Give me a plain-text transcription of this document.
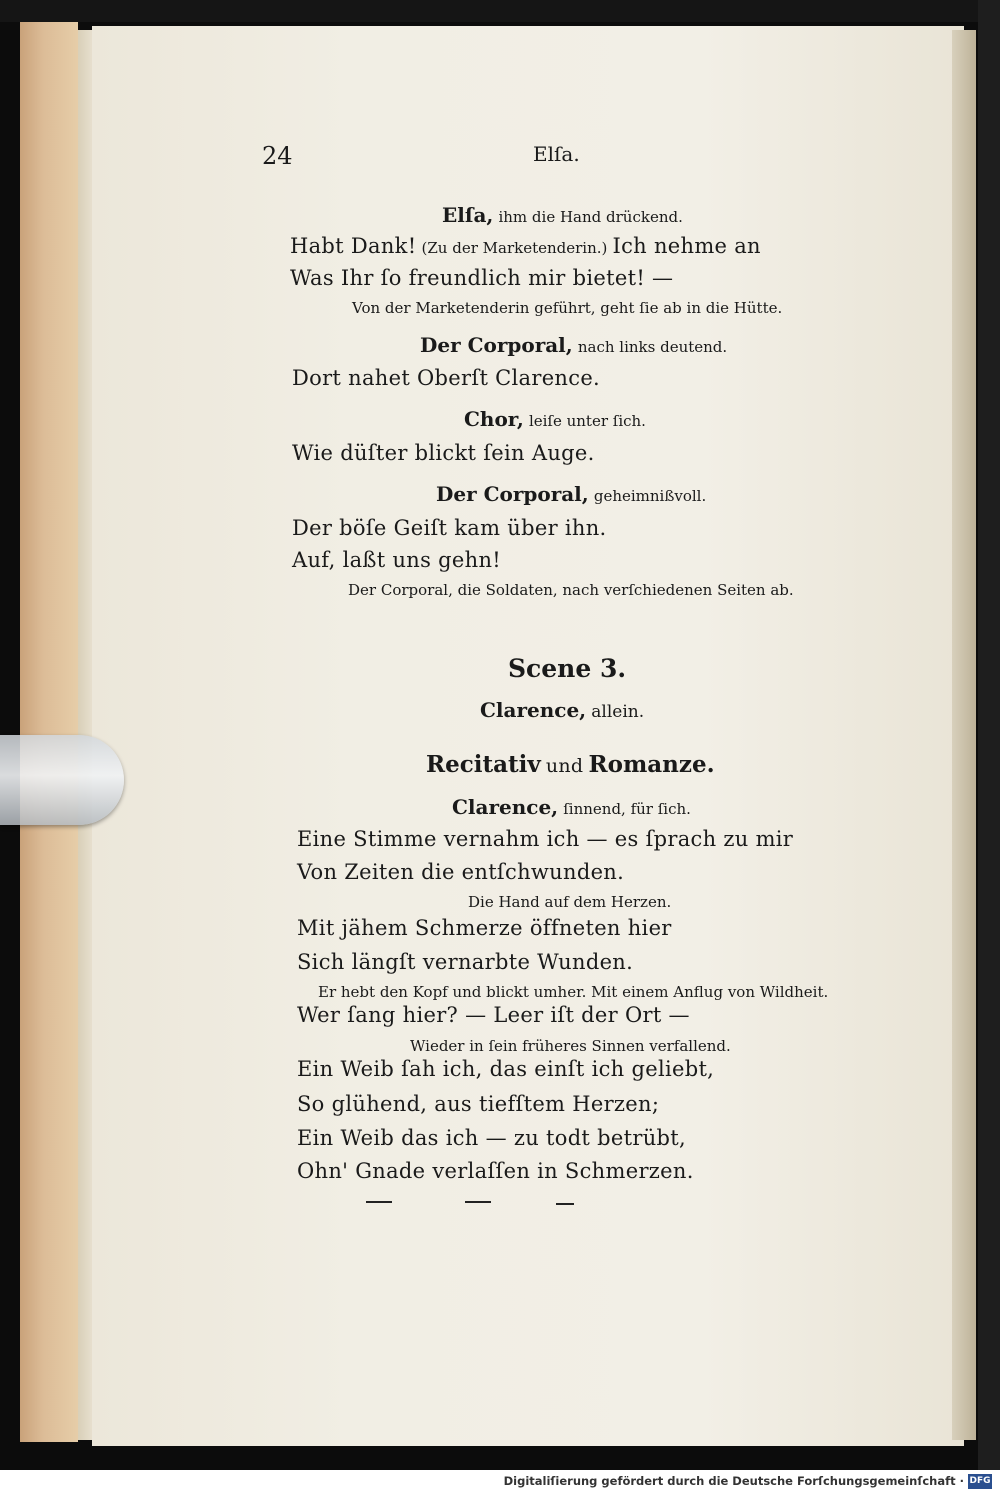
24	Elſa.
Elſa, ihm die Hand drückend.
Habt Dank! (Zu der Marketenderin.) Ich nehme an
Was Ihr ſo freundlich mir bietet! —
Von der Marketenderin geführt, geht ſie ab in die Hütte.
Der Corporal, nach links deutend.
Dort nahet Oberſt Clarence.
Chor, leiſe unter ſich.
Wie düſter blickt ſein Auge.
Der Corporal, geheimnißvoll.
Der böſe Geiſt kam über ihn.
Auf, laßt uns gehn!
Der Corporal, die Soldaten, nach verſchiedenen Seiten ab.
Scene 3.
Clarence, allein.
Recitativ und Romanze.
Clarence, ſinnend, für ſich.
Eine Stimme vernahm ich — es ſprach zu mir
Von Zeiten die entſchwunden.
Die Hand auf dem Herzen.
Mit jähem Schmerze öffneten hier
Sich längſt vernarbte Wunden.
Er hebt den Kopf und blickt umher. Mit einem Anflug von Wildheit.
Wer ſang hier? — Leer iſt der Ort —
Wieder in ſein früheres Sinnen verfallend.
Ein Weib ſah ich, das einſt ich geliebt,
So glühend, aus tiefſtem Herzen;
Ein Weib das ich — zu todt betrübt,
Ohn' Gnade verlaſſen in Schmerzen.
Digitaliſierung gefördert durch die Deutsche Forſchungsgemeinſchaft · DFG
